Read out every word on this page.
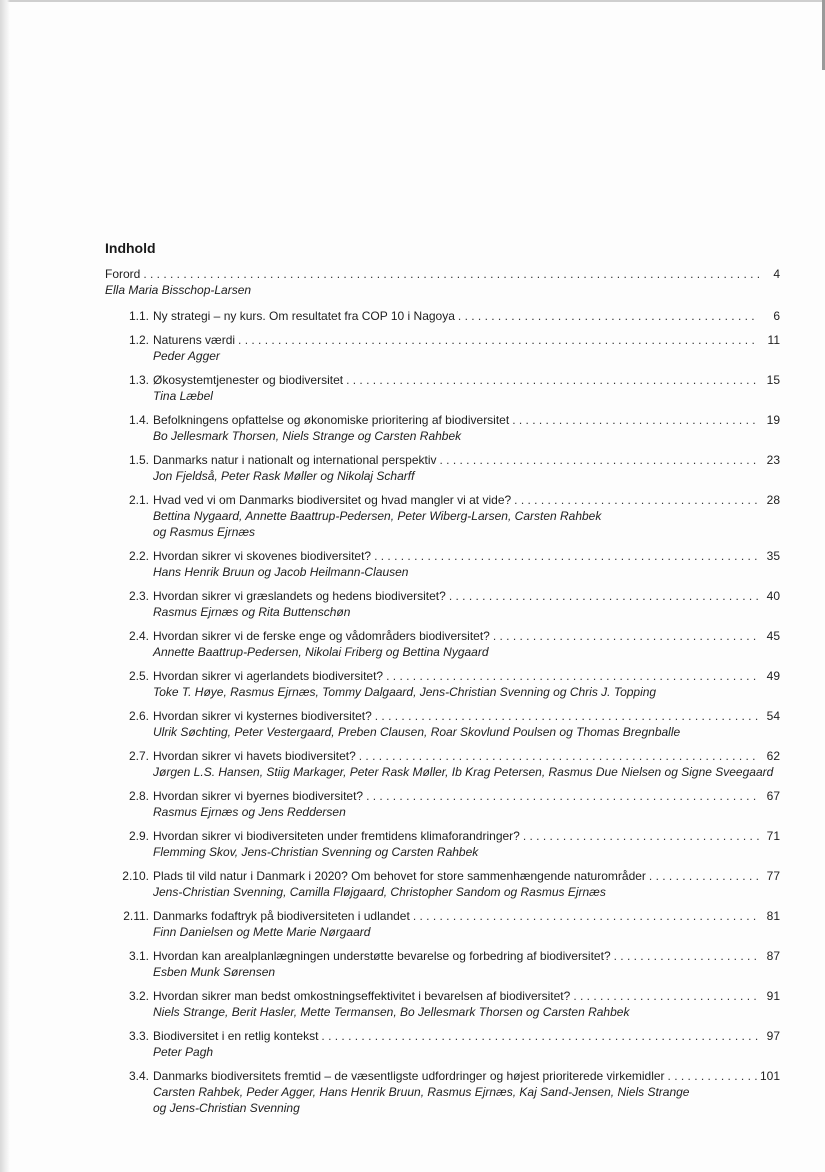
Indhold
Forord . . .	4
Ella Maria Bisschop-Larsen
1.1. Ny strategi – ny kurs. Om resultatet fra COP 10 i Nagoya . . .	6
1.2. Naturens værdi . . .	11
Peder Agger
1.3. Økosystemtjenester og biodiversitet . . .	15
Tina Læbel
1.4. Befolkningens opfattelse og økonomiske prioritering af biodiversitet . . .	19
Bo Jellesmark Thorsen, Niels Strange og Carsten Rahbek
1.5. Danmarks natur i nationalt og international perspektiv . . .	23
Jon Fjeldså, Peter Rask Møller og Nikolaj Scharff
2.1. Hvad ved vi om Danmarks biodiversitet og hvad mangler vi at vide? . . .	28
Bettina Nygaard, Annette Baattrup-Pedersen, Peter Wiberg-Larsen, Carsten Rahbek
og Rasmus Ejrnæs
2.2. Hvordan sikrer vi skovenes biodiversitet? . . .	35
Hans Henrik Bruun og Jacob Heilmann-Clausen
2.3. Hvordan sikrer vi græslandets og hedens biodiversitet? . . .	40
Rasmus Ejrnæs og Rita Buttenschøn
2.4. Hvordan sikrer vi de ferske enge og vådområders biodiversitet? . . .	45
Annette Baattrup-Pedersen, Nikolai Friberg og Bettina Nygaard
2.5. Hvordan sikrer vi agerlandets biodiversitet? . . .	49
Toke T. Høye, Rasmus Ejrnæs, Tommy Dalgaard, Jens-Christian Svenning og Chris J. Topping
2.6. Hvordan sikrer vi kysternes biodiversitet? . . .	54
Ulrik Søchting, Peter Vestergaard, Preben Clausen, Roar Skovlund Poulsen og Thomas Bregnballe
2.7. Hvordan sikrer vi havets biodiversitet? . . .	62
Jørgen L.S. Hansen, Stiig Markager, Peter Rask Møller, Ib Krag Petersen, Rasmus Due Nielsen og Signe Sveegaard
2.8. Hvordan sikrer vi byernes biodiversitet? . . .	67
Rasmus Ejrnæs og Jens Reddersen
2.9. Hvordan sikrer vi biodiversiteten under fremtidens klimaforandringer? . . .	71
Flemming Skov, Jens-Christian Svenning og Carsten Rahbek
2.10. Plads til vild natur i Danmark i 2020? Om behovet for store sammenhængende naturområder . . .	77
Jens-Christian Svenning, Camilla Fløjgaard, Christopher Sandom og Rasmus Ejrnæs
2.11. Danmarks fodaftryk på biodiversiteten i udlandet . . .	81
Finn Danielsen og Mette Marie Nørgaard
3.1. Hvordan kan arealplanlægningen understøtte bevarelse og forbedring af biodiversitet? . . .	87
Esben Munk Sørensen
3.2. Hvordan sikrer man bedst omkostningseffektivitet i bevarelsen af biodiversitet? . . .	91
Niels Strange, Berit Hasler, Mette Termansen, Bo Jellesmark Thorsen og Carsten Rahbek
3.3. Biodiversitet i en retlig kontekst . . .	97
Peter Pagh
3.4. Danmarks biodiversitets fremtid – de væsentligste udfordringer og højest prioriterede virkemidler . . .	101
Carsten Rahbek, Peder Agger, Hans Henrik Bruun, Rasmus Ejrnæs, Kaj Sand-Jensen, Niels Strange
og Jens-Christian Svenning
